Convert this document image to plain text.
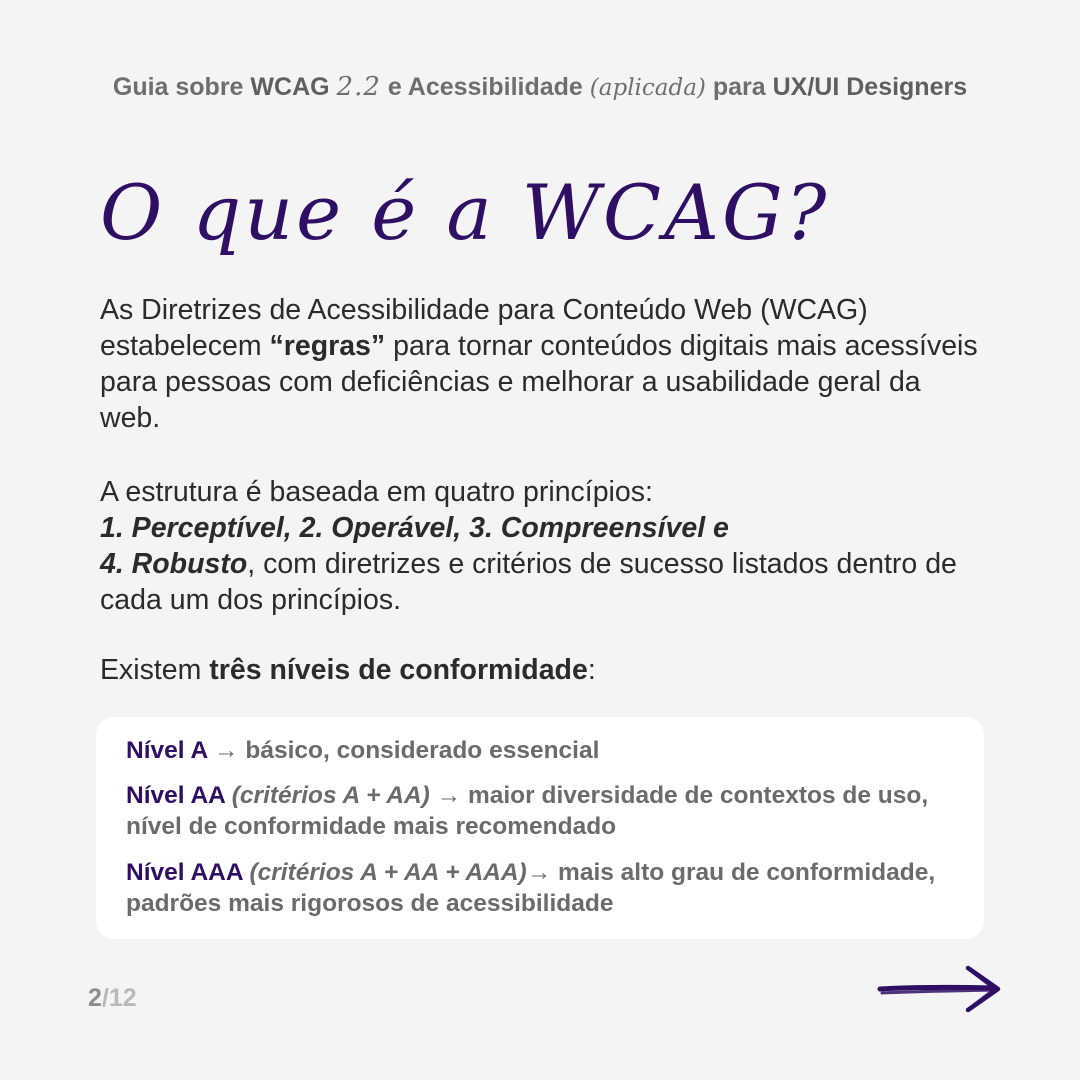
Guia sobre WCAG 2.2 e Acessibilidade (aplicada) para UX/UI Designers
O que é a WCAG?
As Diretrizes de Acessibilidade para Conteúdo Web (WCAG) estabelecem “regras” para tornar conteúdos digitais mais acessíveis para pessoas com deficiências e melhorar a usabilidade geral da web.
A estrutura é baseada em quatro princípios:
1. Perceptível, 2. Operável, 3. Compreensível e
4. Robusto, com diretrizes e critérios de sucesso listados dentro de cada um dos princípios.
Existem três níveis de conformidade:
Nível A → básico, considerado essencial
Nível AA (critérios A + AA) → maior diversidade de contextos de uso, nível de conformidade mais recomendado
Nível AAA (critérios A + AA + AAA)→ mais alto grau de conformidade, padrões mais rigorosos de acessibilidade
2/12
